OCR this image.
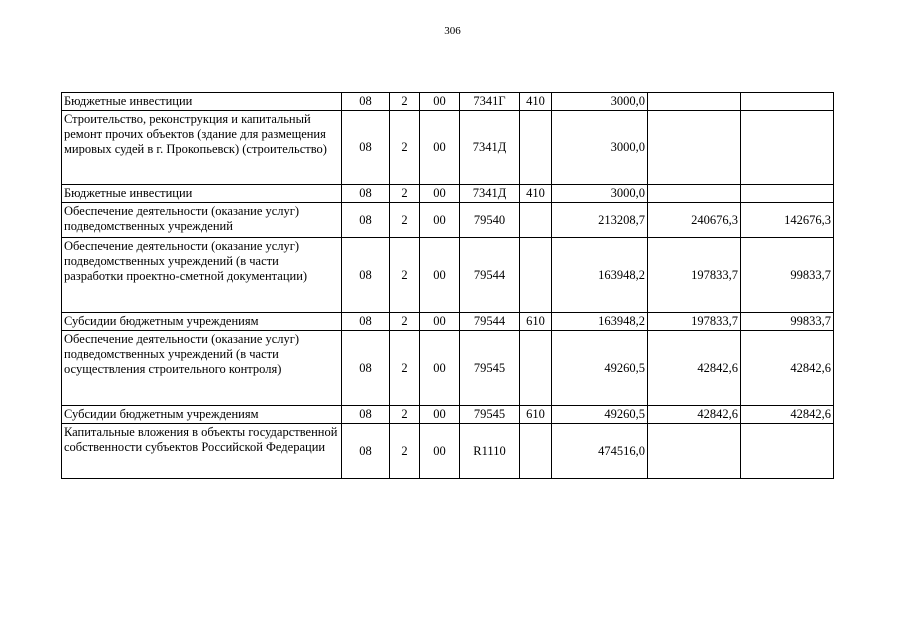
306
Бюджетные инвестиции	08	2	00	7341Г	410	3000,0		
Строительство, реконструкция и капитальный ремонт прочих объектов (здание для размещения мировых судей в г. Прокопьевск) (строительство)	08	2	00	7341Д		3000,0		
Бюджетные инвестиции	08	2	00	7341Д	410	3000,0		
Обеспечение деятельности (оказание услуг) подведомственных учреждений	08	2	00	79540		213208,7	240676,3	142676,3
Обеспечение деятельности (оказание услуг) подведомственных учреждений (в части разработки проектно-сметной документации)	08	2	00	79544		163948,2	197833,7	99833,7
Субсидии бюджетным учреждениям	08	2	00	79544	610	163948,2	197833,7	99833,7
Обеспечение деятельности (оказание услуг) подведомственных учреждений (в части осуществления строительного контроля)	08	2	00	79545		49260,5	42842,6	42842,6
Субсидии бюджетным учреждениям	08	2	00	79545	610	49260,5	42842,6	42842,6
Капитальные вложения в объекты государственной собственности субъектов Российской Федерации	08	2	00	R1110		474516,0		
